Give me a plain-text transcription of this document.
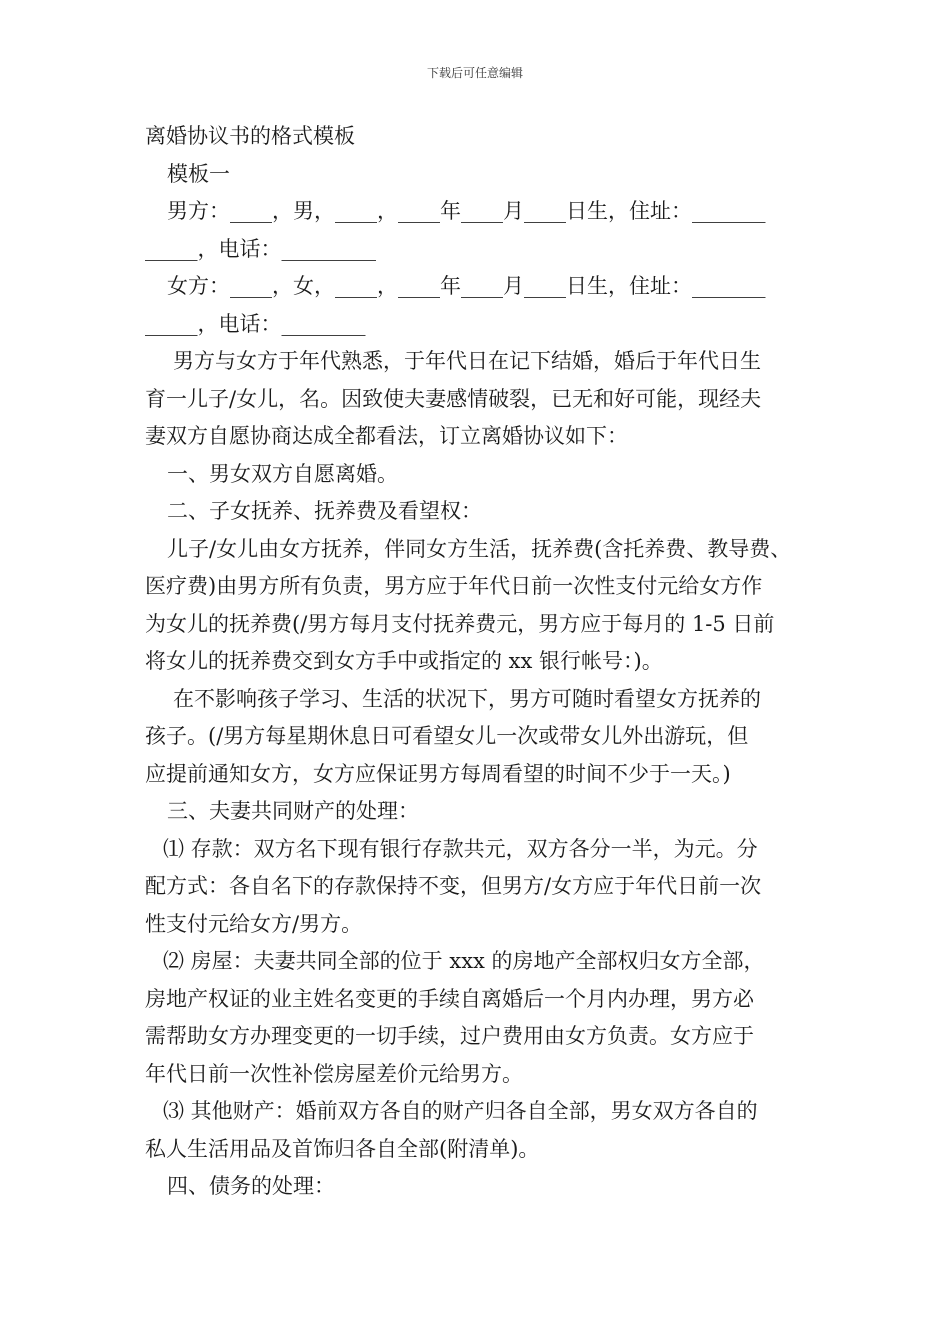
下载后可任意编辑
离婚协议书的格式模板
模板一
男方：____，男，____，____年____月____日生，住址：_______
_____，电话：_________
女方：____，女，____，____年____月____日生，住址：_______
_____，电话：________
男方与女方于年代熟悉，于年代日在记下结婚，婚后于年代日生
育一儿子/女儿，名。因致使夫妻感情破裂，已无和好可能，现经夫
妻双方自愿协商达成全都看法，订立离婚协议如下：
一、男女双方自愿离婚。
二、子女抚养、抚养费及看望权：
儿子/女儿由女方抚养，伴同女方生活，抚养费(含托养费、教导费、
医疗费)由男方所有负责，男方应于年代日前一次性支付元给女方作
为女儿的抚养费(/男方每月支付抚养费元，男方应于每月的 1-5 日前
将女儿的抚养费交到女方手中或指定的 xx 银行帐号：)。
在不影响孩子学习、生活的状况下，男方可随时看望女方抚养的
孩子。(/男方每星期休息日可看望女儿一次或带女儿外出游玩，但
应提前通知女方，女方应保证男方每周看望的时间不少于一天。)
三、夫妻共同财产的处理：
⑴ 存款：双方名下现有银行存款共元，双方各分一半，为元。分
配方式：各自名下的存款保持不变，但男方/女方应于年代日前一次
性支付元给女方/男方。
⑵ 房屋：夫妻共同全部的位于 xxx 的房地产全部权归女方全部，
房地产权证的业主姓名变更的手续自离婚后一个月内办理，男方必
需帮助女方办理变更的一切手续，过户费用由女方负责。女方应于
年代日前一次性补偿房屋差价元给男方。
⑶ 其他财产：婚前双方各自的财产归各自全部，男女双方各自的
私人生活用品及首饰归各自全部(附清单)。
四、债务的处理：
